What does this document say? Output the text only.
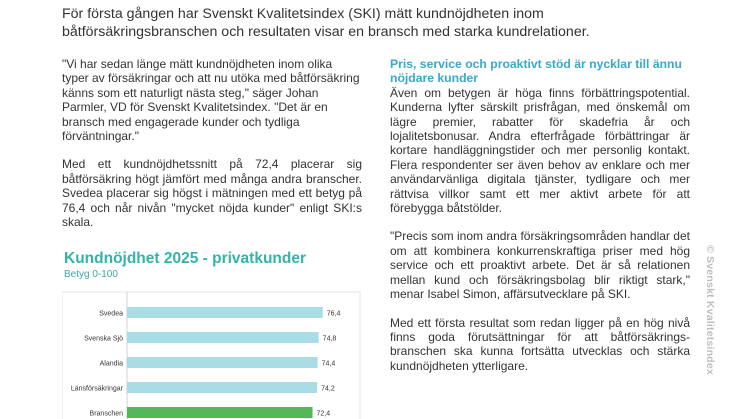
För första gången har Svenskt Kvalitetsindex (SKI) mätt kundnöjdheten inom båtförsäkringsbranschen och resultaten visar en bransch med starka kundrelationer.

"Vi har sedan länge mätt kundnöjdheten inom olika typer av försäkringar och att nu utöka med båtförsäkring känns som ett naturligt nästa steg," säger Johan Parmler, VD för Svenskt Kvalitetsindex. "Det är en bransch med engagerade kunder och tydliga förväntningar."

Med ett kundnöjdhetssnitt på 72,4 placerar sig båtförsäkring högt jämfört med många andra branscher. Svedea placerar sig högst i mätningen med ett betyg på 76,4 och når nivån "mycket nöjda kunder" enligt SKI:s skala.

Kundnöjdhet 2025 - privatkunder
Betyg 0-100
Svedea	76,4
Svenska Sjö	74,8
Alandia	74,4
Länsförsäkringar	74,2
Branschen	72,4

Pris, service och proaktivt stöd är nycklar till ännu nöjdare kunder

Även om betygen är höga finns förbättringspotential. Kunderna lyfter särskilt prisfrågan, med önskemål om lägre premier, rabatter för skadefria år och lojalitetsbonusar. Andra efterfrågade förbättringar är kortare handläggningstider och mer personlig kontakt. Flera respondenter ser även behov av enklare och mer användarvänliga digitala tjänster, tydligare och mer rättvisa villkor samt ett mer aktivt arbete för att förebygga båtstölder.

"Precis som inom andra försäkringsområden handlar det om att kombinera konkurrenskraftiga priser med hög service och ett proaktivt arbete. Det är så relationen mellan kund och försäkringsbolag blir riktigt stark," menar Isabel Simon, affärsutvecklare på SKI.

Med ett första resultat som redan ligger på en hög nivå finns goda förutsättningar för att båtförsäkrings-branschen ska kunna fortsätta utvecklas och stärka kundnöjdheten ytterligare.	© Svenskt Kvalitetsindex
